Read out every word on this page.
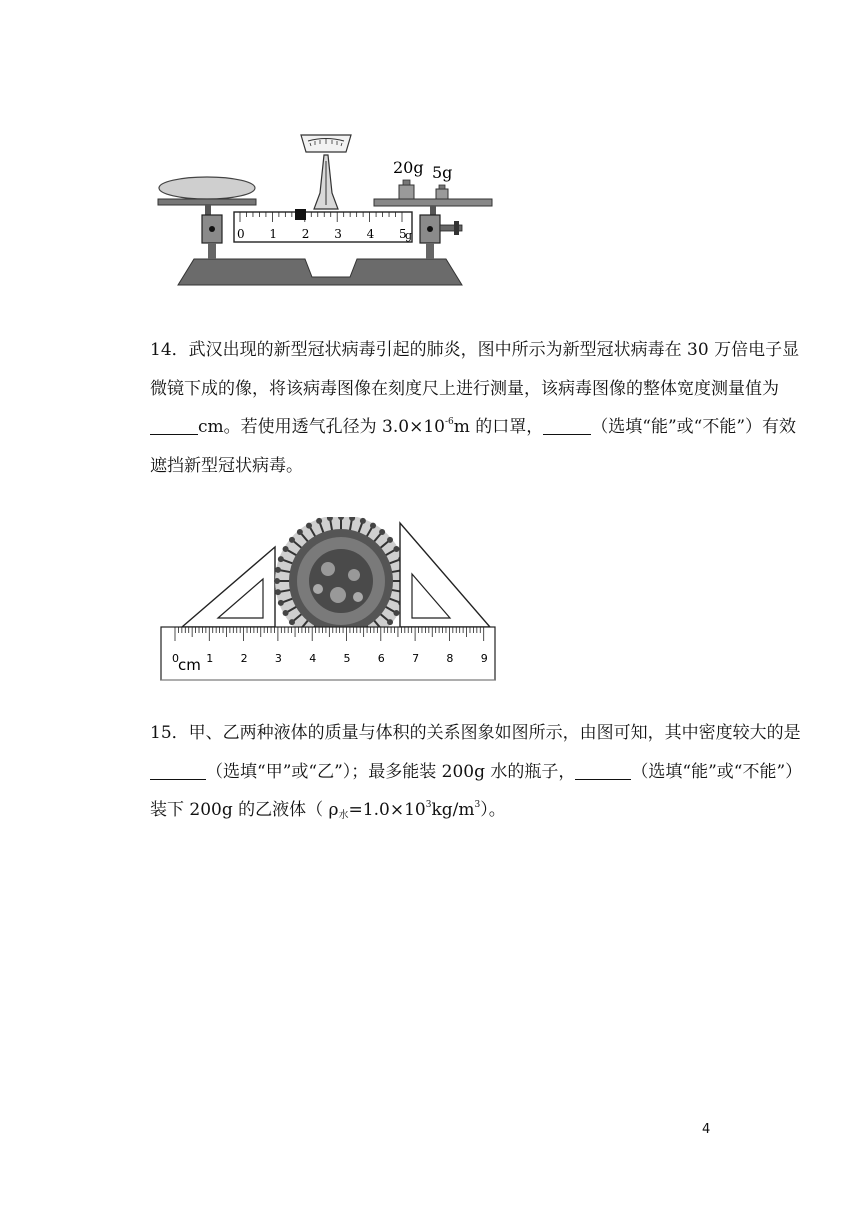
20g 5g
0 1 2 3 4 5
g
14．武汉出现的新型冠状病毒引起的肺炎，图中所示为新型冠状病毒在 30 万倍电子显微镜下成的像，将该病毒图像在刻度尺上进行测量，该病毒图像的整体宽度测量值为cm。若使用透气孔径为 $3.0\times 10^{-6}m$ 的口罩，	（选填“能”或“不能”）有效遮挡新型冠状病毒。
0 1 2 3 4 5 6 7 8 9
cm
15．甲、乙两种液体的质量与体积的关系图象如图所示，由图可知，其中密度较大的是（选填“甲”或“乙”）；最多能装 200g 水的瓶子，	（选填“能”或“不能”）装下 200g 的乙液体（ $\rho_水=1.0\times 10^3kg/m^3$）。
4
